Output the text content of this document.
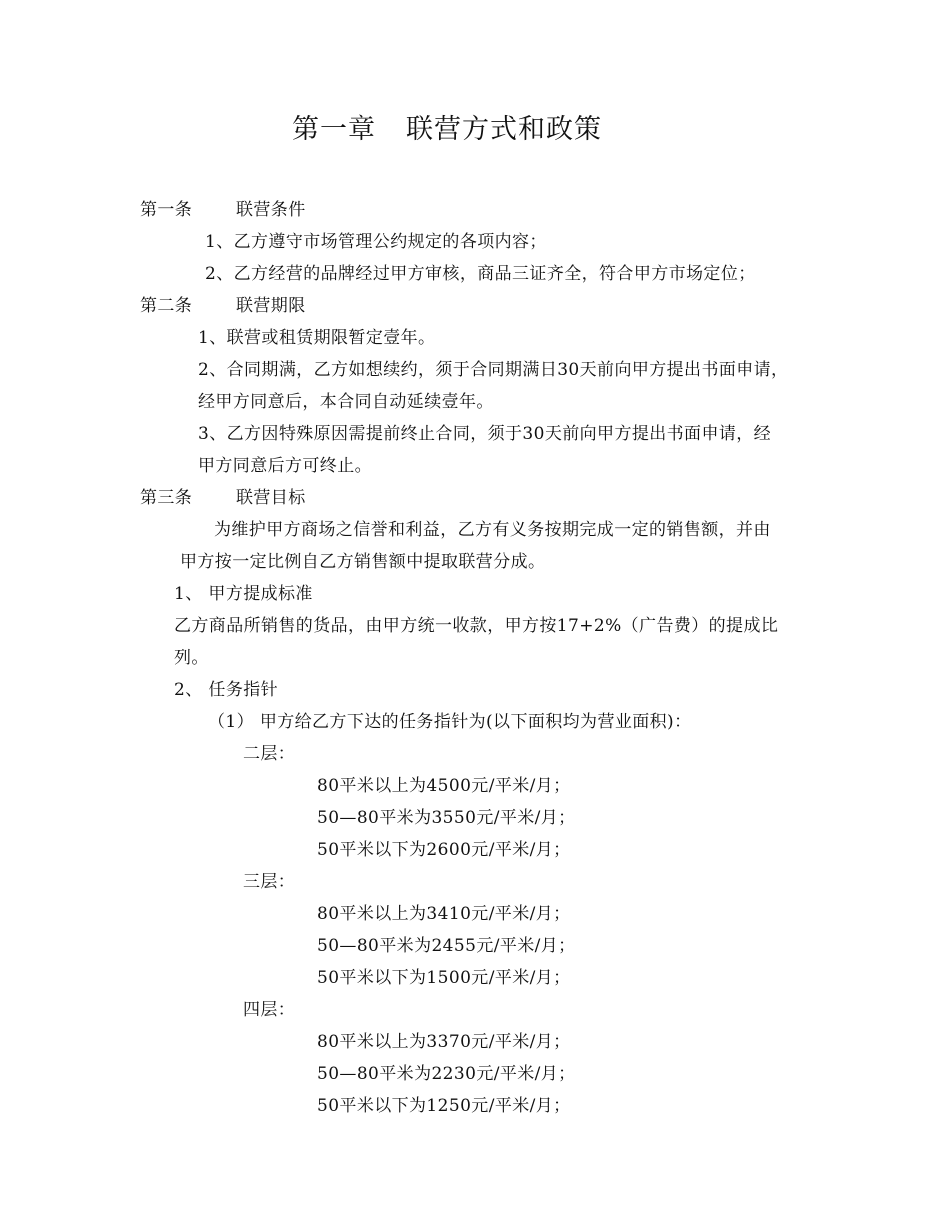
第一章 联营方式和政策
第一条	联营条件
1、乙方遵守市场管理公约规定的各项内容；
2、乙方经营的品牌经过甲方审核，商品三证齐全，符合甲方市场定位；
第二条	联营期限
1、联营或租赁期限暂定壹年。
2、合同期满，乙方如想续约，须于合同期满日30天前向甲方提出书面申请，
经甲方同意后，本合同自动延续壹年。
3、乙方因特殊原因需提前终止合同，须于30天前向甲方提出书面申请，经
甲方同意后方可终止。
第三条	联营目标
为维护甲方商场之信誉和利益，乙方有义务按期完成一定的销售额，并由
甲方按一定比例自乙方销售额中提取联营分成。
1、 甲方提成标准
乙方商品所销售的货品，由甲方统一收款，甲方按17+2%（广告费）的提成比
列。
2、 任务指针
（1） 甲方给乙方下达的任务指针为(以下面积均为营业面积)：
二层：
80平米以上为4500元/平米/月；
50—80平米为3550元/平米/月；
50平米以下为2600元/平米/月；
三层：
80平米以上为3410元/平米/月；
50—80平米为2455元/平米/月；
50平米以下为1500元/平米/月；
四层：
80平米以上为3370元/平米/月；
50—80平米为2230元/平米/月；
50平米以下为1250元/平米/月；
